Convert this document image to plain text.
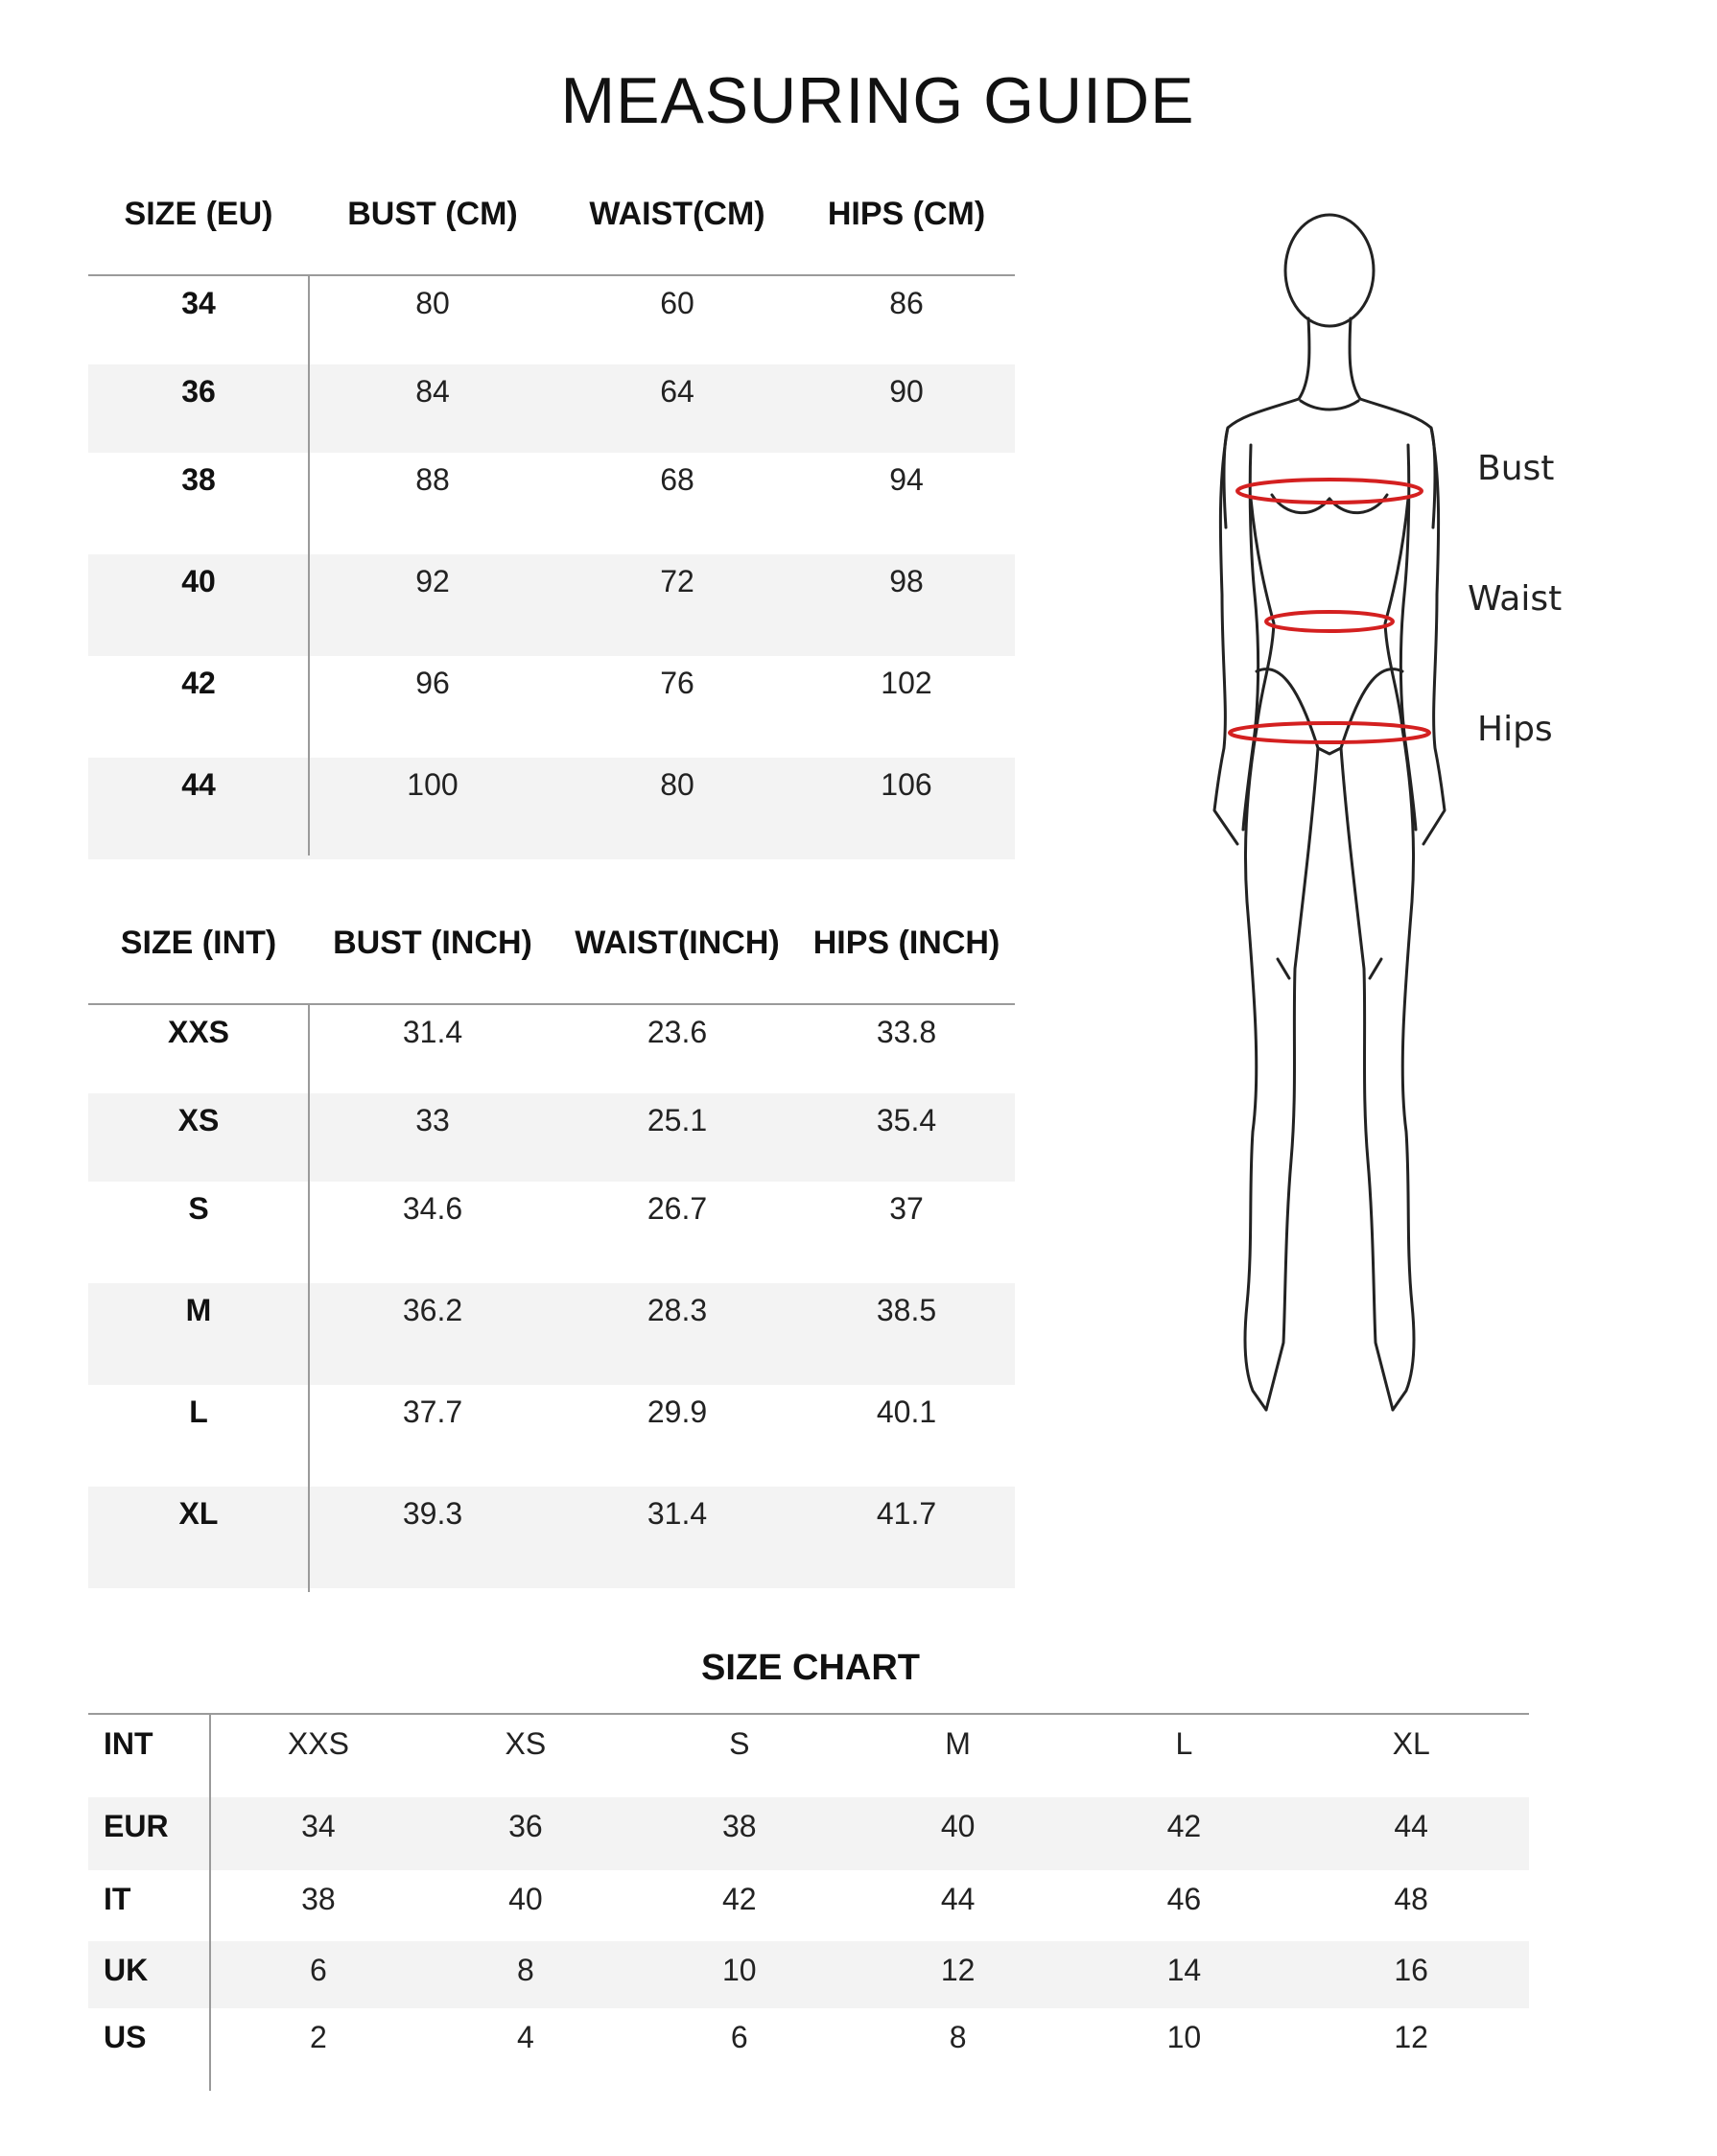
MEASURING GUIDE
SIZE (EU)	BUST (CM)	WAIST(CM)	HIPS (CM)
34	80	60	86
36	84	64	90
38	88	68	94
40	92	72	98
42	96	76	102
44	100	80	106
SIZE (INT)	BUST (INCH)	WAIST(INCH)	HIPS (INCH)
XXS	31.4	23.6	33.8
XS	33	25.1	35.4
S	34.6	26.7	37
M	36.2	28.3	38.5
L	37.7	29.9	40.1
XL	39.3	31.4	41.7
Bust
Waist
Hips
SIZE CHART
INT	XXS	XS	S	M	L	XL
EUR	34	36	38	40	42	44
IT	38	40	42	44	46	48
UK	6	8	10	12	14	16
US	2	4	6	8	10	12
